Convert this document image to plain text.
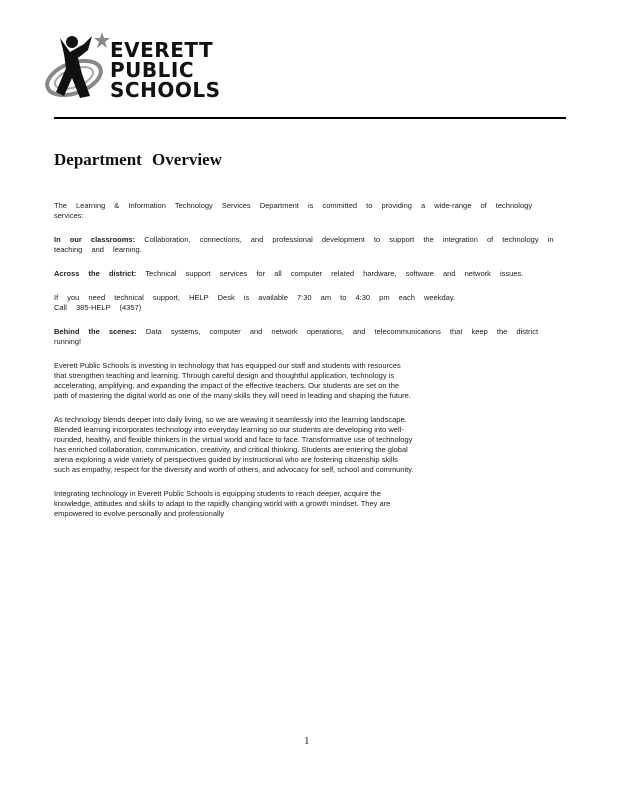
EVERETT
PUBLIC
SCHOOLS
Department Overview

The Learning & Information Technology Services Department is committed to providing a wide-range of technology services:

In our classrooms: Collaboration, connections, and professional development to support the integration of technology in teaching and learning.

Across the district: Technical support services for all computer related hardware, software and network issues.

If you need technical support, HELP Desk is available 7:30 am to 4:30 pm each weekday.
Call 385-HELP (4357)

Behind the scenes: Data systems, computer and network operations, and telecommunications that keep the district running!

Everett Public Schools is investing in technology that has equipped our staff and students with resources that strengthen teaching and learning. Through careful design and thoughtful application, technology is accelerating, amplifying, and expanding the impact of the effective teachers. Our students are set on the path of mastering the digital world as one of the many skills they will need in leading and shaping the future.

As technology blends deeper into daily living, so we are weaving it seamlessly into the learning landscape. Blended learning incorporates technology into everyday learning so our students are developing into well-rounded, healthy, and flexible thinkers in the virtual world and face to face. Transformative use of technology has enriched collaboration, communication, creativity, and critical thinking. Students are entering the global arena exploring a wide variety of perspectives guided by instructional who are fostering citizenship skills such as empathy, respect for the diversity and worth of others, and advocacy for self, school and community.

Integrating technology in Everett Public Schools is equipping students to reach deeper, acquire the knowledge, attitudes and skills to adapt to the rapidly changing world with a growth mindset. They are empowered to evolve personally and professionally

1
